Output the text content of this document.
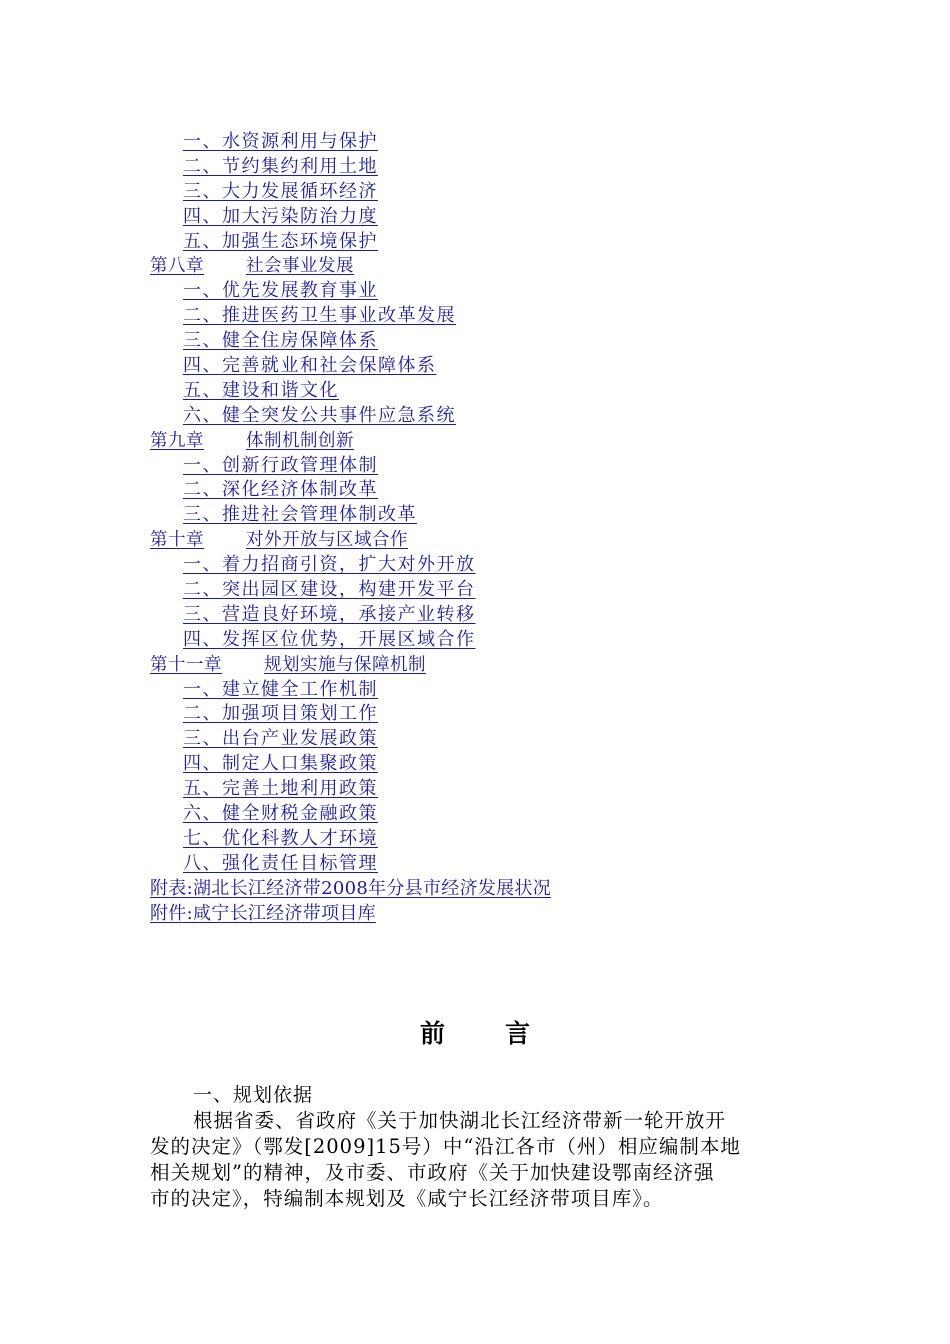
一、水资源利用与保护
二、节约集约利用土地
三、大力发展循环经济
四、加大污染防治力度
五、加强生态环境保护
第八章 社会事业发展
一、优先发展教育事业
二、推进医药卫生事业改革发展
三、健全住房保障体系
四、完善就业和社会保障体系
五、建设和谐文化
六、健全突发公共事件应急系统
第九章 体制机制创新
一、创新行政管理体制
二、深化经济体制改革
三、推进社会管理体制改革
第十章 对外开放与区域合作
一、着力招商引资，扩大对外开放
二、突出园区建设，构建开发平台
三、营造良好环境，承接产业转移
四、发挥区位优势，开展区域合作
第十一章 规划实施与保障机制
一、建立健全工作机制
二、加强项目策划工作
三、出台产业发展政策
四、制定人口集聚政策
五、完善土地利用政策
六、健全财税金融政策
七、优化科教人才环境
八、强化责任目标管理
附表:湖北长江经济带2008年分县市经济发展状况
附件:咸宁长江经济带项目库
前言
一、规划依据
根据省委、省政府《关于加快湖北长江经济带新一轮开放开
发的决定》（鄂发[2009]15号）中“沿江各市（州）相应编制本地
相关规划”的精神，及市委、市政府《关于加快建设鄂南经济强
市的决定》，特编制本规划及《咸宁长江经济带项目库》。
